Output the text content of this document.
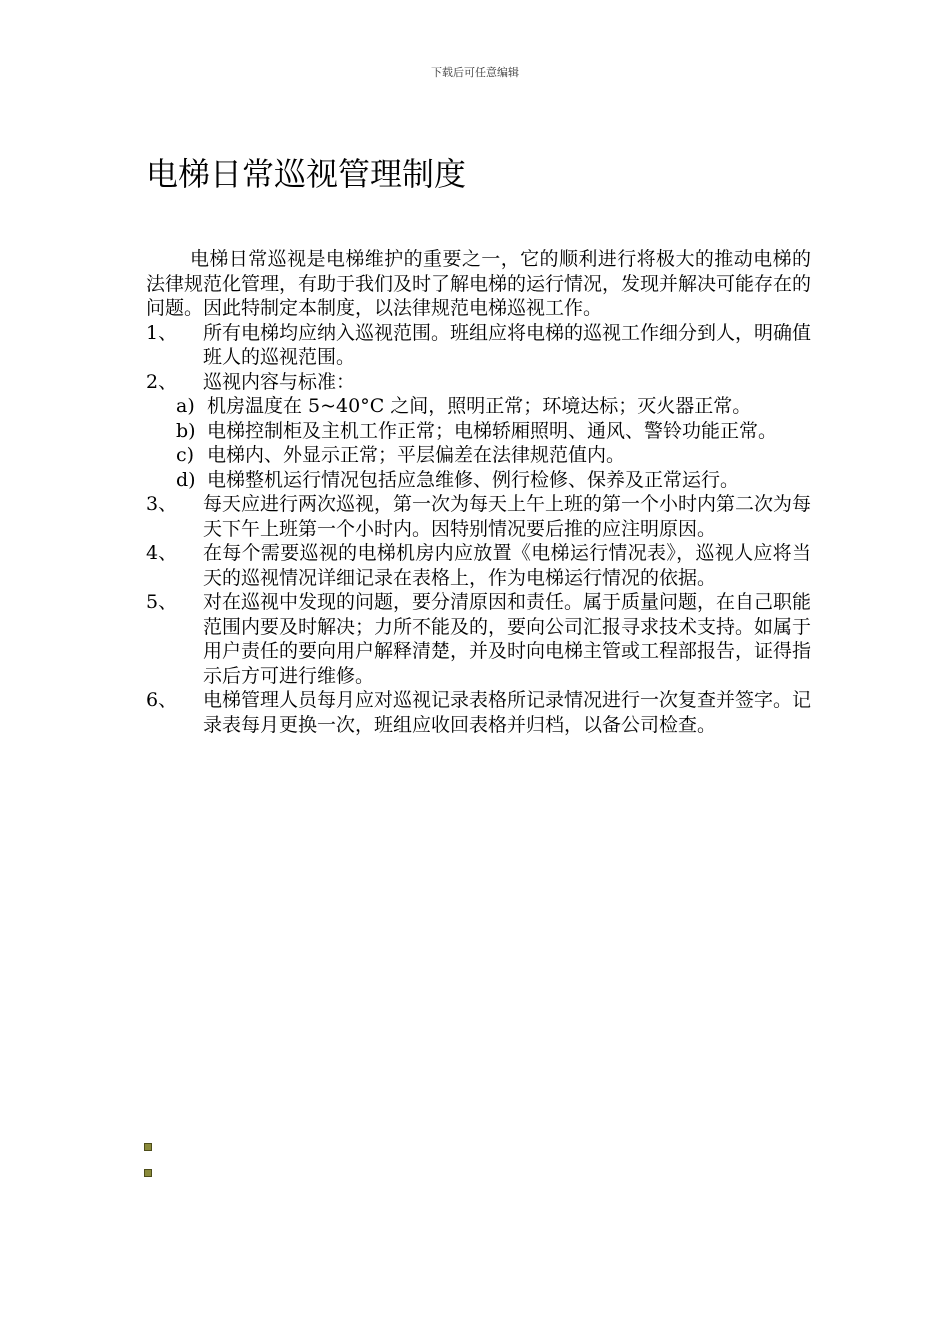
下载后可任意编辑
电梯日常巡视管理制度

电梯日常巡视是电梯维护的重要之一，它的顺利进行将极大的推动电梯的法律规范化管理，有助于我们及时了解电梯的运行情况，发现并解决可能存在的问题。因此特制定本制度，以法律规范电梯巡视工作。

1、 所有电梯均应纳入巡视范围。班组应将电梯的巡视工作细分到人，明确值班人的巡视范围。
2、 巡视内容与标准：
a) 机房温度在 5~40°C 之间，照明正常；环境达标；灭火器正常。
b) 电梯控制柜及主机工作正常；电梯轿厢照明、通风、警铃功能正常。
c) 电梯内、外显示正常；平层偏差在法律规范值内。
d) 电梯整机运行情况包括应急维修、例行检修、保养及正常运行。
3、 每天应进行两次巡视，第一次为每天上午上班的第一个小时内第二次为每天下午上班第一个小时内。因特别情况要后推的应注明原因。
4、 在每个需要巡视的电梯机房内应放置《电梯运行情况表》，巡视人应将当天的巡视情况详细记录在表格上，作为电梯运行情况的依据。
5、 对在巡视中发现的问题，要分清原因和责任。属于质量问题，在自己职能范围内要及时解决；力所不能及的，要向公司汇报寻求技术支持。如属于用户责任的要向用户解释清楚，并及时向电梯主管或工程部报告，证得指示后方可进行维修。
6、 电梯管理人员每月应对巡视记录表格所记录情况进行一次复查并签字。记录表每月更换一次，班组应收回表格并归档，以备公司检查。
